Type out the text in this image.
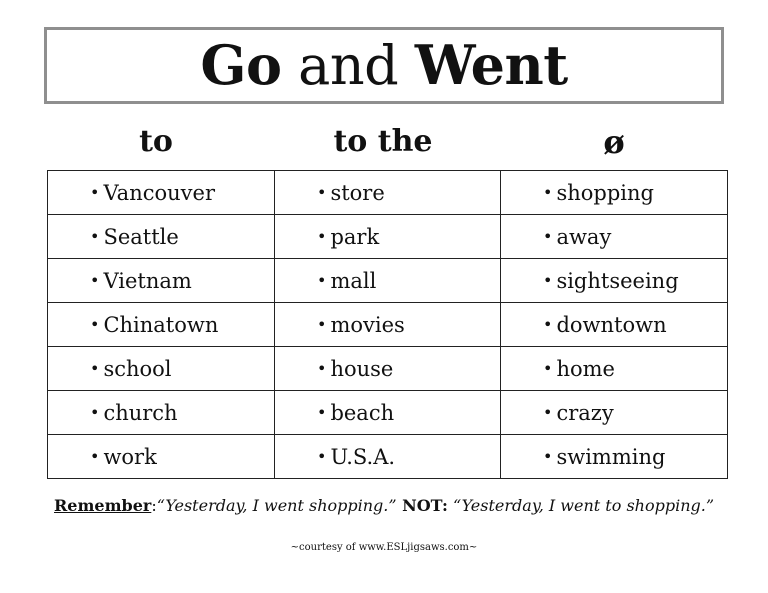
Go and Went
to	to the	ø
• Vancouver	• store	• shopping
• Seattle	• park	• away
• Vietnam	• mall	• sightseeing
• Chinatown	• movies	• downtown
• school	• house	• home
• church	• beach	• crazy
• work	• U.S.A.	• swimming
Remember:“Yesterday, I went shopping.” NOT: “Yesterday, I went to shopping.”
~courtesy of www.ESLjigsaws.com~
